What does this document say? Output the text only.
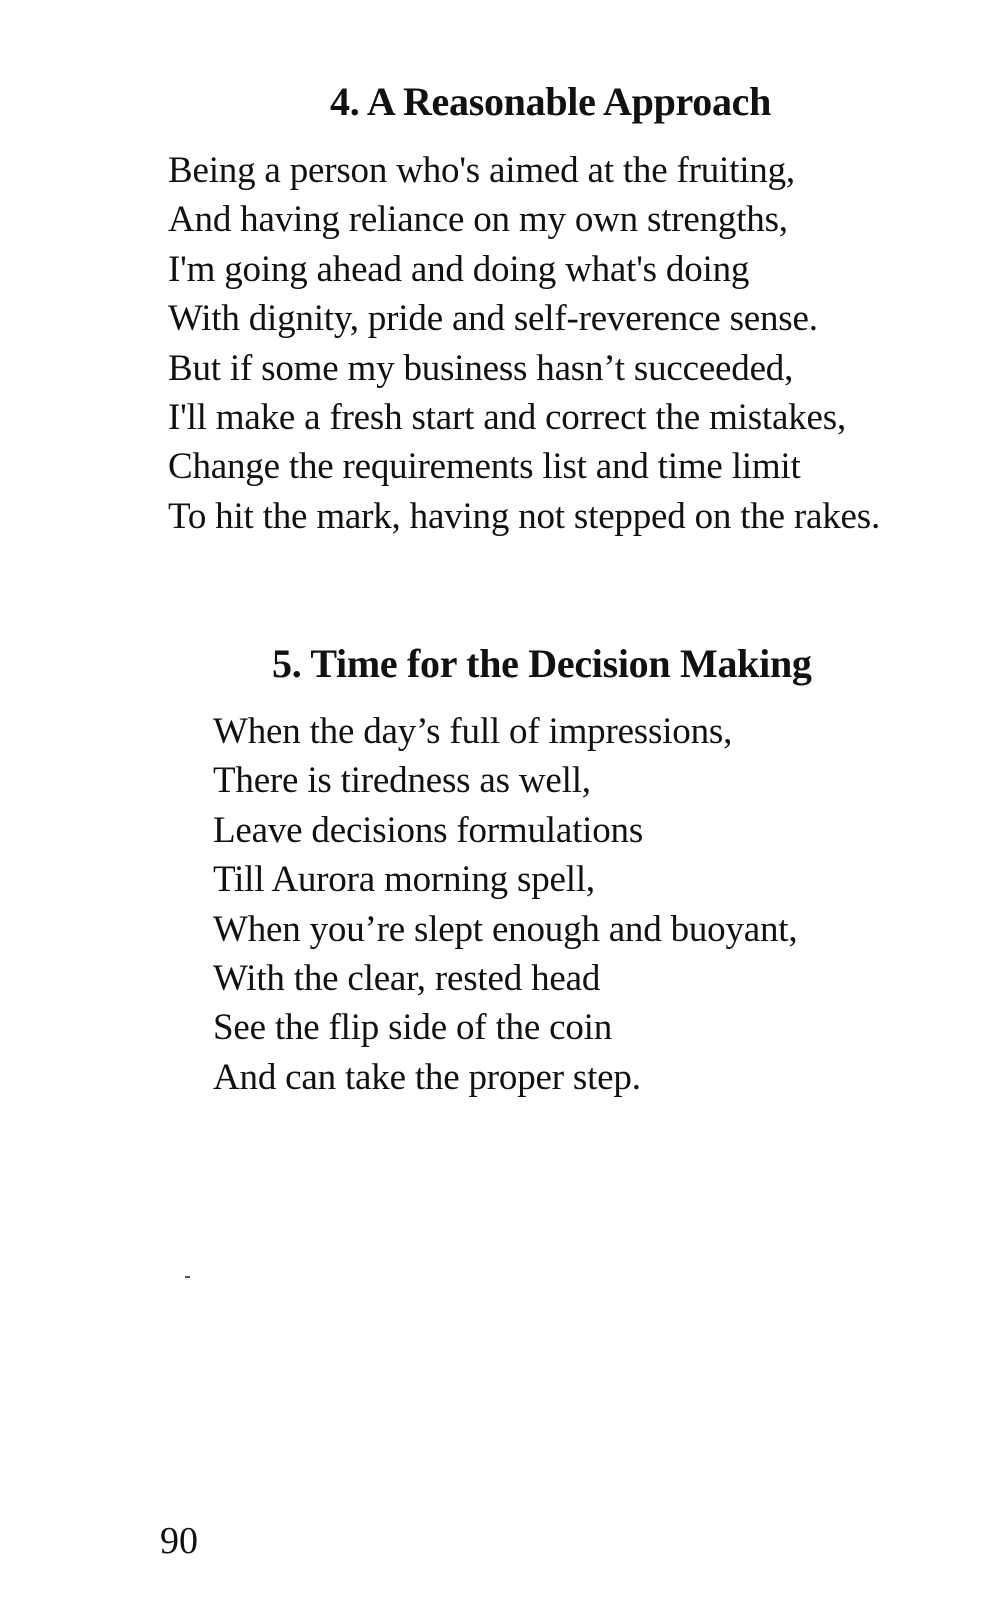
4. A Reasonable Approach
Being a person who's aimed at the fruiting,
And having reliance on my own strengths,
I'm going ahead and doing what's doing
With dignity, pride and self-reverence sense.
But if some my business hasn’t succeeded,
I'll make a fresh start and correct the mistakes,
Change the requirements list and time limit
To hit the mark, having not stepped on the rakes.
5. Time for the Decision Making
When the day’s full of impressions,
There is tiredness as well,
Leave decisions formulations
Till Aurora morning spell,
When you’re slept enough and buoyant,
With the clear, rested head
See the flip side of the coin
And can take the proper step.
90
